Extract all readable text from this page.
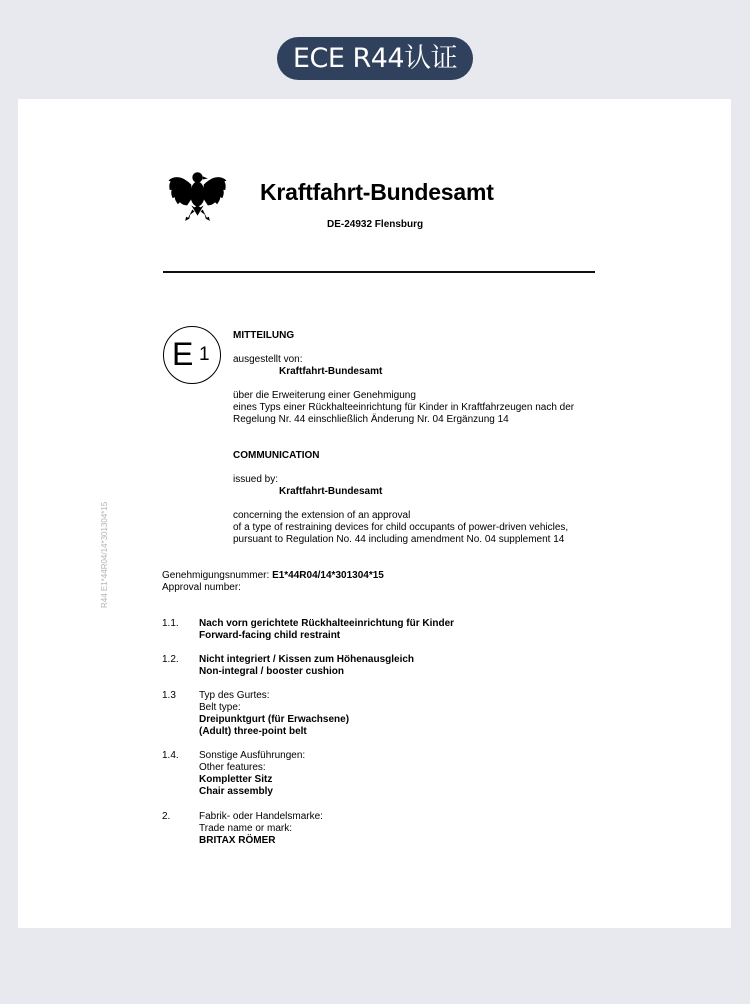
ECE R44认证
Kraftfahrt-Bundesamt
DE-24932 Flensburg
E 1
R44 E1*44R04/14*301304*15
MITTEILUNG
ausgestellt von:
Kraftfahrt-Bundesamt
über die Erweiterung einer Genehmigung
eines Typs einer Rückhalteeinrichtung für Kinder in Kraftfahrzeugen nach der
Regelung Nr. 44 einschließlich Änderung Nr. 04 Ergänzung 14
COMMUNICATION
issued by:
Kraftfahrt-Bundesamt
concerning the extension of an approval
of a type of restraining devices for child occupants of power-driven vehicles,
pursuant to Regulation No. 44 including amendment No. 04 supplement 14
Genehmigungsnummer: E1*44R04/14*301304*15
Approval number:
1.1. Nach vorn gerichtete Rückhalteeinrichtung für Kinder
Forward-facing child restraint
1.2. Nicht integriert / Kissen zum Höhenausgleich
Non-integral / booster cushion
1.3 Typ des Gurtes:
Belt type:
Dreipunktgurt (für Erwachsene)
(Adult) three-point belt
1.4. Sonstige Ausführungen:
Other features:
Kompletter Sitz
Chair assembly
2.	Fabrik- oder Handelsmarke:
Trade name or mark:
BRITAX RÖMER
